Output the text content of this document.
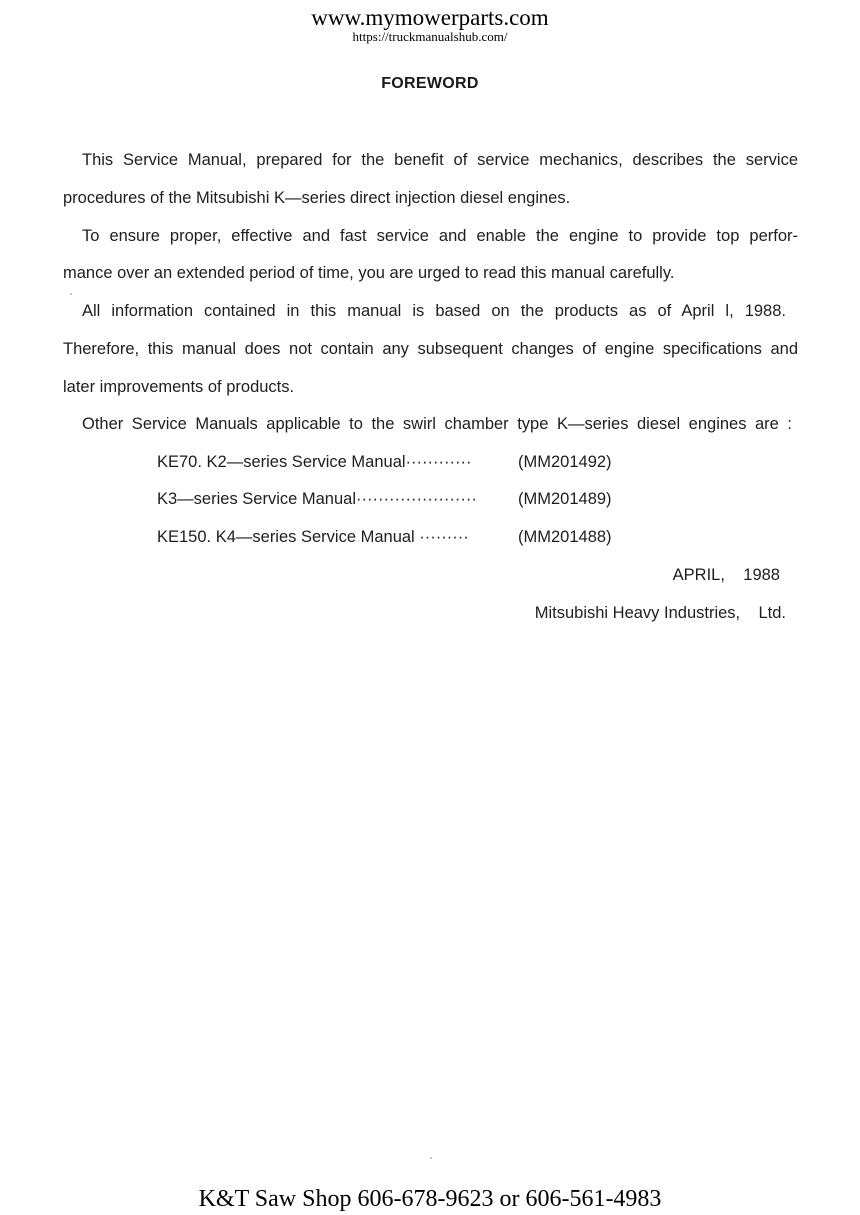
www.mymowerparts.com
https://truckmanualshub.com/
FOREWORD
This Service Manual, prepared for the benefit of service mechanics, describes the service
procedures of the Mitsubishi K—series direct injection diesel engines.
To ensure proper, effective and fast service and enable the engine to provide top perfor-
mance over an extended period of time, you are urged to read this manual carefully.
All information contained in this manual is based on the products as of April l, 1988.
Therefore, this manual does not contain any subsequent changes of engine specifications and
later improvements of products.
Other Service Manuals applicable to the swirl chamber type K—series diesel engines are :
KE70. K2—series Service Manual············	(MM201492)
K3—series Service Manual······················ (MM201489)
KE150. K4—series Service Manual ·········	(MM201488)
APRIL,    1988
Mitsubishi Heavy Industries,    Ltd.
K&T Saw Shop 606-678-9623 or 606-561-4983
